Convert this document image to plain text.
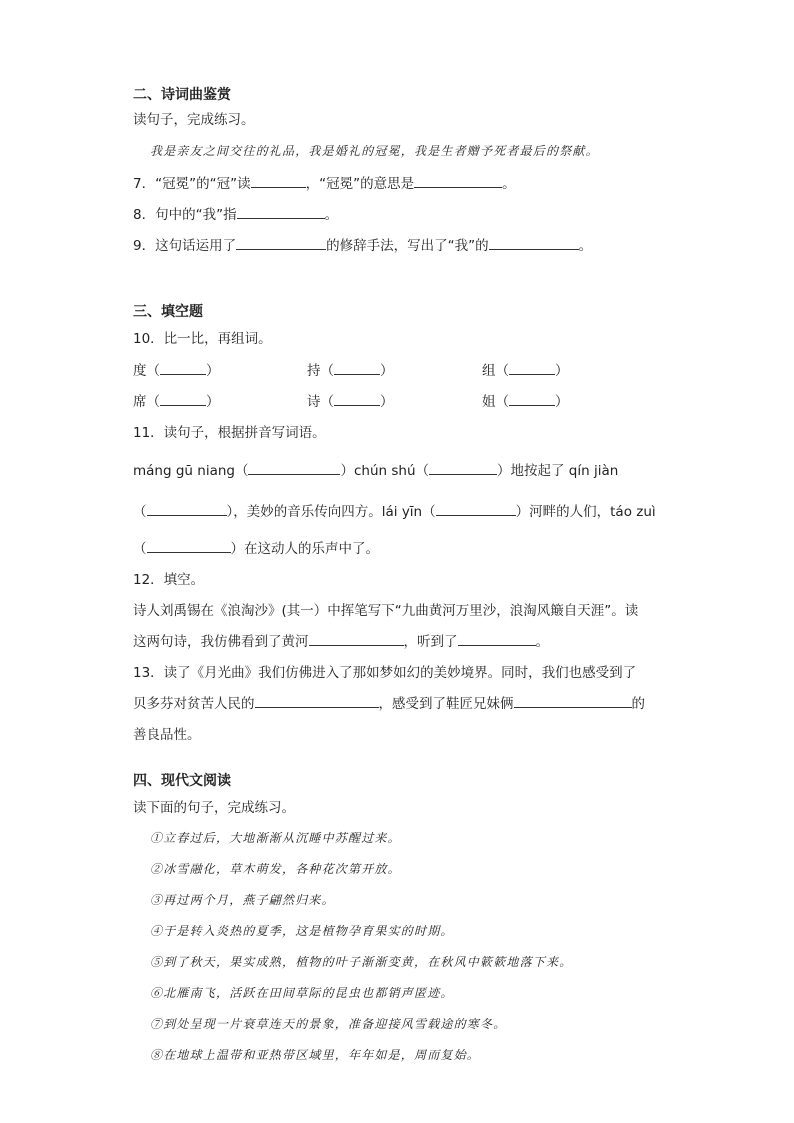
二、诗词曲鉴赏
读句子，完成练习。
我是亲友之间交往的礼品，我是婚礼的冠冕，我是生者赠予死者最后的祭献。
7．“冠冕”的“冠”读	，“冠冕”的意思是	。
8．句中的“我”指	。
9．这句话运用了	的修辞手法，写出了“我”的	。
三、填空题
10．比一比，再组词。
度（	）	持（	）	组（	）
席（	）	诗（	）	姐（	）
11．读句子，根据拼音写词语。
máng gū niang（	）chún shú（	）地按起了 qín jiàn
（	），美妙的音乐传向四方。lái yīn（	）河畔的人们，táo zuì
（	）在这动人的乐声中了。
12．填空。
诗人刘禹锡在《浪淘沙》(其一）中挥笔写下“九曲黄河万里沙，浪淘风簸自天涯”。读
这两句诗，我仿佛看到了黄河	，听到了	。
13．读了《月光曲》我们仿佛进入了那如梦如幻的美妙境界。同时，我们也感受到了
贝多芬对贫苦人民的	，感受到了鞋匠兄妹俩	的
善良品性。
四、现代文阅读
读下面的句子，完成练习。
①立春过后，大地渐渐从沉睡中苏醒过来。
②冰雪融化，草木萌发，各种花次第开放。
③再过两个月，燕子翩然归来。
④于是转入炎热的夏季，这是植物孕育果实的时期。
⑤到了秋天，果实成熟，植物的叶子渐渐变黄，在秋风中簌簌地落下来。
⑥北雁南飞，活跃在田间草际的昆虫也都销声匿迹。
⑦到处呈现一片衰草连天的景象，准备迎接风雪载途的寒冬。
⑧在地球上温带和亚热带区域里，年年如是，周而复始。
